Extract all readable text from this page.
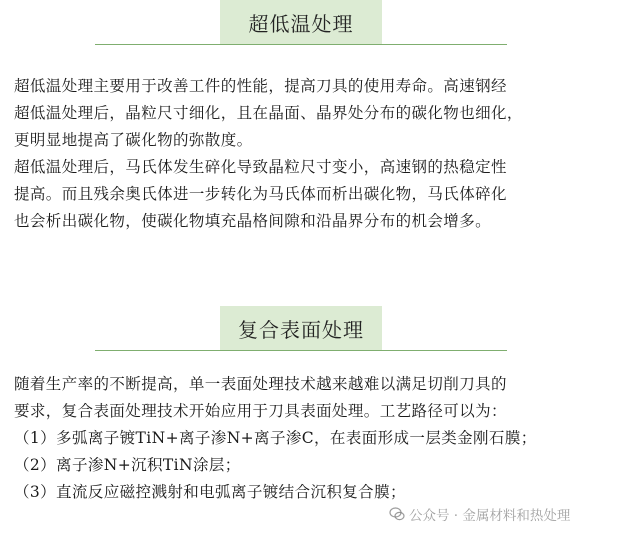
超低温处理

超低温处理主要用于改善工件的性能，提高刀具的使用寿命。高速钢经
超低温处理后，晶粒尺寸细化，且在晶面、晶界处分布的碳化物也细化，
更明显地提高了碳化物的弥散度。
超低温处理后，马氏体发生碎化导致晶粒尺寸变小，高速钢的热稳定性
提高。而且残余奥氏体进一步转化为马氏体而析出碳化物，马氏体碎化
也会析出碳化物，使碳化物填充晶格间隙和沿晶界分布的机会增多。

复合表面处理

随着生产率的不断提高，单一表面处理技术越来越难以满足切削刀具的
要求，复合表面处理技术开始应用于刀具表面处理。工艺路径可以为：
（1）多弧离子镀TiN+离子渗N+离子渗C，在表面形成一层类金刚石膜；
（2）离子渗N+沉积TiN涂层；
（3）直流反应磁控溅射和电弧离子镀结合沉积复合膜；

公众号 · 金属材料和热处理
